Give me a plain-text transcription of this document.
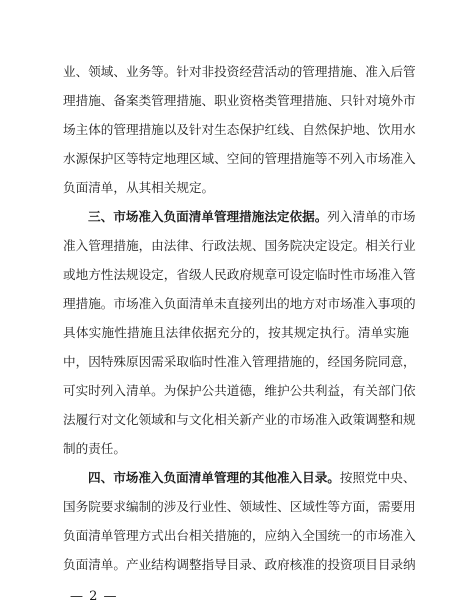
业、领域、业务等。针对非投资经营活动的管理措施、准入后管
理措施、备案类管理措施、职业资格类管理措施、只针对境外市
场主体的管理措施以及针对生态保护红线、自然保护地、饮用水
水源保护区等特定地理区域、空间的管理措施等不列入市场准入
负面清单，从其相关规定。
三、市场准入负面清单管理措施法定依据。列入清单的市场
准入管理措施，由法律、行政法规、国务院决定设定。相关行业
或地方性法规设定，省级人民政府规章可设定临时性市场准入管
理措施。市场准入负面清单未直接列出的地方对市场准入事项的
具体实施性措施且法律依据充分的，按其规定执行。清单实施
中，因特殊原因需采取临时性准入管理措施的，经国务院同意，
可实时列入清单。为保护公共道德，维护公共利益，有关部门依
法履行对文化领域和与文化相关新产业的市场准入政策调整和规
制的责任。
四、市场准入负面清单管理的其他准入目录。按照党中央、
国务院要求编制的涉及行业性、领域性、区域性等方面，需要用
负面清单管理方式出台相关措施的，应纳入全国统一的市场准入
负面清单。产业结构调整指导目录、政府核准的投资项目目录纳
— 2 —
